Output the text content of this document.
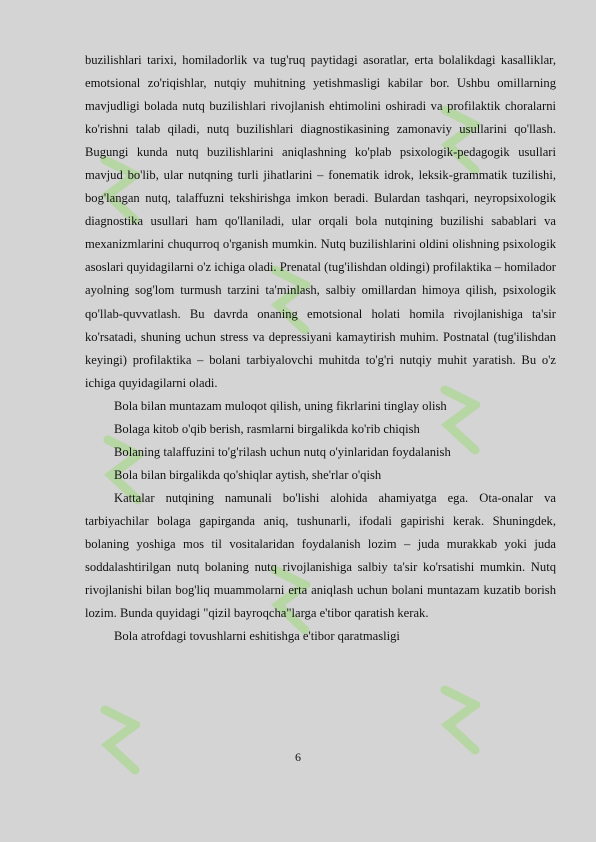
buzilishlari tarixi, homiladorlik va tug'ruq paytidagi asoratlar, erta bolalikdagi kasalliklar, emotsional zo'riqishlar, nutqiy muhitning yetishmasligi kabilar bor. Ushbu omillarning mavjudligi bolada nutq buzilishlari rivojlanish ehtimolini oshiradi va profilaktik choralarni ko'rishni talab qiladi, nutq buzilishlari diagnostikasining zamonaviy usullarini qo'llash. Bugungi kunda nutq buzilishlarini aniqlashning ko'plab psixologik-pedagogik usullari mavjud bo'lib, ular nutqning turli jihatlarini – fonematik idrok, leksik-grammatik tuzilishi, bog'langan nutq, talaffuzni tekshirishga imkon beradi. Bulardan tashqari, neyropsixologik diagnostika usullari ham qo'llaniladi, ular orqali bola nutqining buzilishi sabablari va mexanizmlarini chuqurroq o'rganish mumkin. Nutq buzilishlarini oldini olishning psixologik asoslari quyidagilarni o'z ichiga oladi. Prenatal (tug'ilishdan oldingi) profilaktika – homilador ayolning sog'lom turmush tarzini ta'minlash, salbiy omillardan himoya qilish, psixologik qo'llab-quvvatlash. Bu davrda onaning emotsional holati homila rivojlanishiga ta'sir ko'rsatadi, shuning uchun stress va depressiyani kamaytirish muhim. Postnatal (tug'ilishdan keyingi) profilaktika – bolani tarbiyalovchi muhitda to'g'ri nutqiy muhit yaratish. Bu o'z ichiga quyidagilarni oladi.

Bola bilan muntazam muloqot qilish, uning fikrlarini tinglay olish

Bolaga kitob o'qib berish, rasmlarni birgalikda ko'rib chiqish

Bolaning talaffuzini to'g'rilash uchun nutq o'yinlaridan foydalanish

Bola bilan birgalikda qo'shiqlar aytish, she'rlar o'qish

Kattalar nutqining namunali bo'lishi alohida ahamiyatga ega. Ota-onalar va tarbiyachilar bolaga gapirganda aniq, tushunarli, ifodali gapirishi kerak. Shuningdek, bolaning yoshiga mos til vositalaridan foydalanish lozim – juda murakkab yoki juda soddalashtirilgan nutq bolaning nutq rivojlanishiga salbiy ta'sir ko'rsatishi mumkin. Nutq rivojlanishi bilan bog'liq muammolarni erta aniqlash uchun bolani muntazam kuzatib borish lozim. Bunda quyidagi "qizil bayroqcha"larga e'tibor qaratish kerak.

Bola atrofdagi tovushlarni eshitishga e'tibor qaratmasligi

6
